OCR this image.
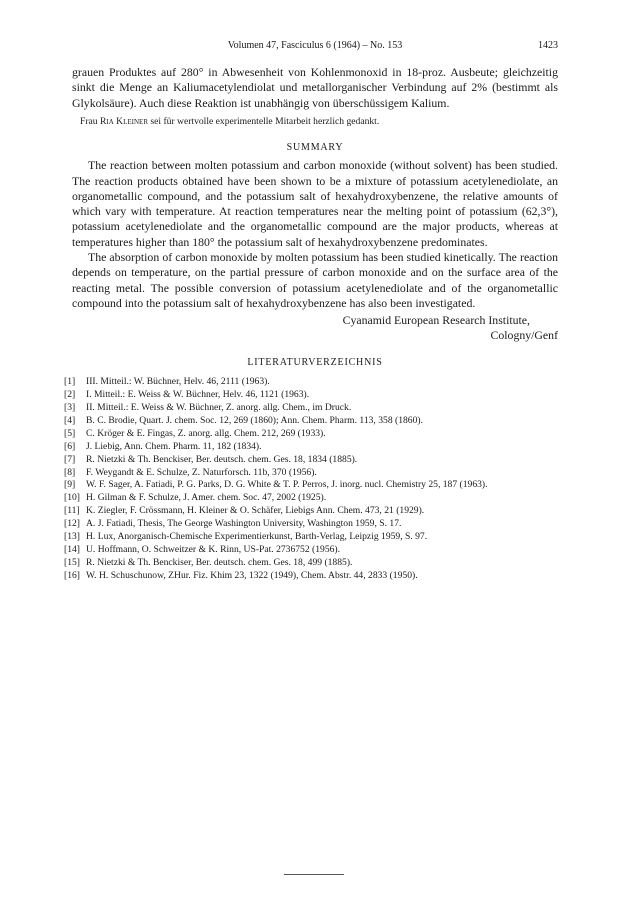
Volumen 47, Fasciculus 6 (1964) – No. 153	1423
grauen Produktes auf 280° in Abwesenheit von Kohlenmonoxid in 18-proz. Ausbeute; gleichzeitig sinkt die Menge an Kaliumacetylendiolat und metallorganischer Verbindung auf 2% (bestimmt als Glykolsäure). Auch diese Reaktion ist unabhängig von überschüssigem Kalium.
Frau Ria Kleiner sei für wertvolle experimentelle Mitarbeit herzlich gedankt.
SUMMARY

The reaction between molten potassium and carbon monoxide (without solvent) has been studied. The reaction products obtained have been shown to be a mixture of potassium acetylenediolate, an organometallic compound, and the potassium salt of hexahydroxybenzene, the relative amounts of which vary with temperature. At reaction temperatures near the melting point of potassium (62,3°), potassium acetylenediolate and the organometallic compound are the major products, whereas at temperatures higher than 180° the potassium salt of hexahydroxybenzene predominates.

The absorption of carbon monoxide by molten potassium has been studied kinetically. The reaction depends on temperature, on the partial pressure of carbon monoxide and on the surface area of the reacting metal. The possible conversion of potassium acetylenediolate and of the organometallic compound into the potassium salt of hexahydroxybenzene has also been investigated.

Cyanamid European Research Institute,
Cologny/Genf
LITERATURVERZEICHNIS
[1]	III. Mitteil.: W. Büchner, Helv. 46, 2111 (1963).
[2]	I. Mitteil.: E. Weiss & W. Büchner, Helv. 46, 1121 (1963).
[3]	II. Mitteil.: E. Weiss & W. Büchner, Z. anorg. allg. Chem., im Druck.
[4]	B. C. Brodie, Quart. J. chem. Soc. 12, 269 (1860); Ann. Chem. Pharm. 113, 358 (1860).
[5]	C. Kröger & E. Fingas, Z. anorg. allg. Chem. 212, 269 (1933).
[6]	J. Liebig, Ann. Chem. Pharm. 11, 182 (1834).
[7]	R. Nietzki & Th. Benckiser, Ber. deutsch. chem. Ges. 18, 1834 (1885).
[8]	F. Weygandt & E. Schulze, Z. Naturforsch. 11b, 370 (1956).
[9]	W. F. Sager, A. Fatiadi, P. G. Parks, D. G. White & T. P. Perros, J. inorg. nucl. Chemistry 25, 187 (1963).
[10] H. Gilman & F. Schulze, J. Amer. chem. Soc. 47, 2002 (1925).
[11] K. Ziegler, F. Crössmann, H. Kleiner & O. Schäfer, Liebigs Ann. Chem. 473, 21 (1929).
[12] A. J. Fatiadi, Thesis, The George Washington University, Washington 1959, S. 17.
[13] H. Lux, Anorganisch-Chemische Experimentierkunst, Barth-Verlag, Leipzig 1959, S. 97.
[14] U. Hoffmann, O. Schweitzer & K. Rinn, US-Pat. 2736752 (1956).
[15] R. Nietzki & Th. Benckiser, Ber. deutsch. chem. Ges. 18, 499 (1885).
[16] W. H. Schuschunow, ZHur. Fiz. Khim 23, 1322 (1949), Chem. Abstr. 44, 2833 (1950).
